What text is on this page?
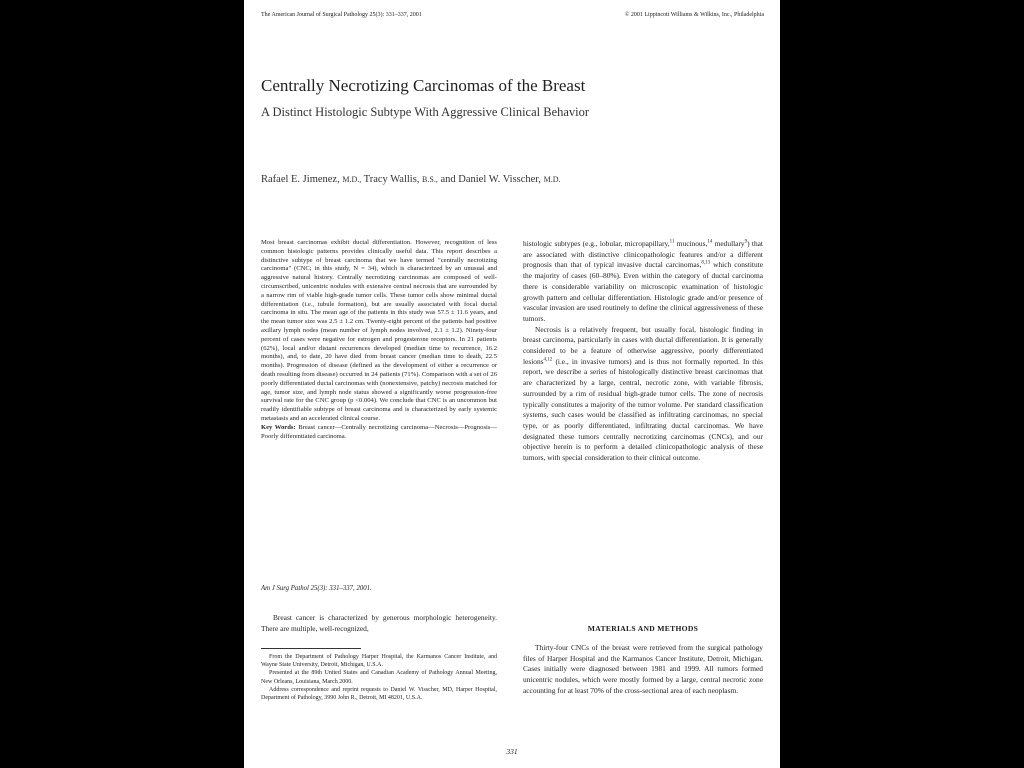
The American Journal of Surgical Pathology 25(3): 331–337, 2001	© 2001 Lippincott Williams & Wilkins, Inc., Philadelphia
Centrally Necrotizing Carcinomas of the Breast
A Distinct Histologic Subtype With Aggressive Clinical Behavior
Rafael E. Jimenez, M.D., Tracy Wallis, B.S., and Daniel W. Visscher, M.D.

Most breast carcinomas exhibit ductal differentiation. However, recognition of less common histologic patterns provides clinically useful data. This report describes a distinctive subtype of breast carcinoma that we have termed "centrally necrotizing carcinoma" (CNC; in this study, N = 34), which is characterized by an unusual and aggressive natural history. Centrally necrotizing carcinomas are composed of well-circumscribed, unicentric nodules with extensive central necrosis that are surrounded by a narrow rim of viable high-grade tumor cells. These tumor cells show minimal ductal differentiation (i.e., tubule formation), but are usually associated with focal ductal carcinoma in situ. The mean age of the patients in this study was 57.5 ± 11.6 years, and the mean tumor size was 2.5 ± 1.2 cm. Twenty-eight percent of the patients had positive axillary lymph nodes (mean number of lymph nodes involved, 2.1 ± 1.2). Ninety-four percent of cases were negative for estrogen and progesterone receptors. In 21 patients (62%), local and/or distant recurrences developed (median time to recurrence, 16.2 months), and, to date, 20 have died from breast cancer (median time to death, 22.5 months). Progression of disease (defined as the development of either a recurrence or death resulting from disease) occurred in 24 patients (71%). Comparison with a set of 26 poorly differentiated ductal carcinomas with (nonextensive, patchy) necrosis matched for age, tumor size, and lymph node status showed a significantly worse progression-free survival rate for the CNC group (p <0.004). We conclude that CNC is an uncommon but readily identifiable subtype of breast carcinoma and is characterized by early systemic metastasis and an accelerated clinical course.

Key Words: Breast cancer—Centrally necrotizing carcinoma—Necrosis—Prognosis—Poorly differentiated carcinoma.

Am J Surg Pathol 25(3): 331–337, 2001.

Breast cancer is characterized by generous morphologic heterogeneity. There are multiple, well-recognized,

From the Department of Pathology Harper Hospital, the Karmanos Cancer Institute, and Wayne State University, Detroit, Michigan, U.S.A.

Presented at the 89th United States and Canadian Academy of Pathology Annual Meeting, New Orleans, Louisiana, March 2000.

Address correspondence and reprint requests to Daniel W. Visscher, MD, Harper Hospital, Department of Pathology, 3990 John R., Detroit, MI 48201, U.S.A.

histologic subtypes (e.g., lobular, micropapillary,$^{11}$ mucinous,$^{14}$ medullary$^9$) that are associated with distinctive clinicopathologic features and/or a different prognosis than that of typical invasive ductal carcinomas,$^{8,13}$ which constitute the majority of cases (60–80%). Even within the category of ductal carcinoma there is considerable variability on microscopic examination of histologic growth pattern and cellular differentiation. Histologic grade and/or presence of vascular invasion are used routinely to define the clinical aggressiveness of these tumors.

Necrosis is a relatively frequent, but usually focal, histologic finding in breast carcinoma, particularly in cases with ductal differentiation. It is generally considered to be a feature of otherwise aggressive, poorly differentiated lesions$^{4,12}$ (i.e., in invasive tumors) and is thus not formally reported. In this report, we describe a series of histologically distinctive breast carcinomas that are characterized by a large, central, necrotic zone, with variable fibrosis, surrounded by a rim of residual high-grade tumor cells. The zone of necrosis typically constitutes a majority of the tumor volume. Per standard classification systems, such cases would be classified as infiltrating carcinomas, no special type, or as poorly differentiated, infiltrating ductal carcinomas. We have designated these tumors centrally necrotizing carcinomas (CNCs), and our objective herein is to perform a detailed clinicopathologic analysis of these tumors, with special consideration to their clinical outcome.

MATERIALS AND METHODS

Thirty-four CNCs of the breast were retrieved from the surgical pathology files of Harper Hospital and the Karmanos Cancer Institute, Detroit, Michigan. Cases initially were diagnosed between 1981 and 1999. All tumors formed unicentric nodules, which were mostly formed by a large, central necrotic zone accounting for at least 70% of the cross-sectional area of each neoplasm.

331
